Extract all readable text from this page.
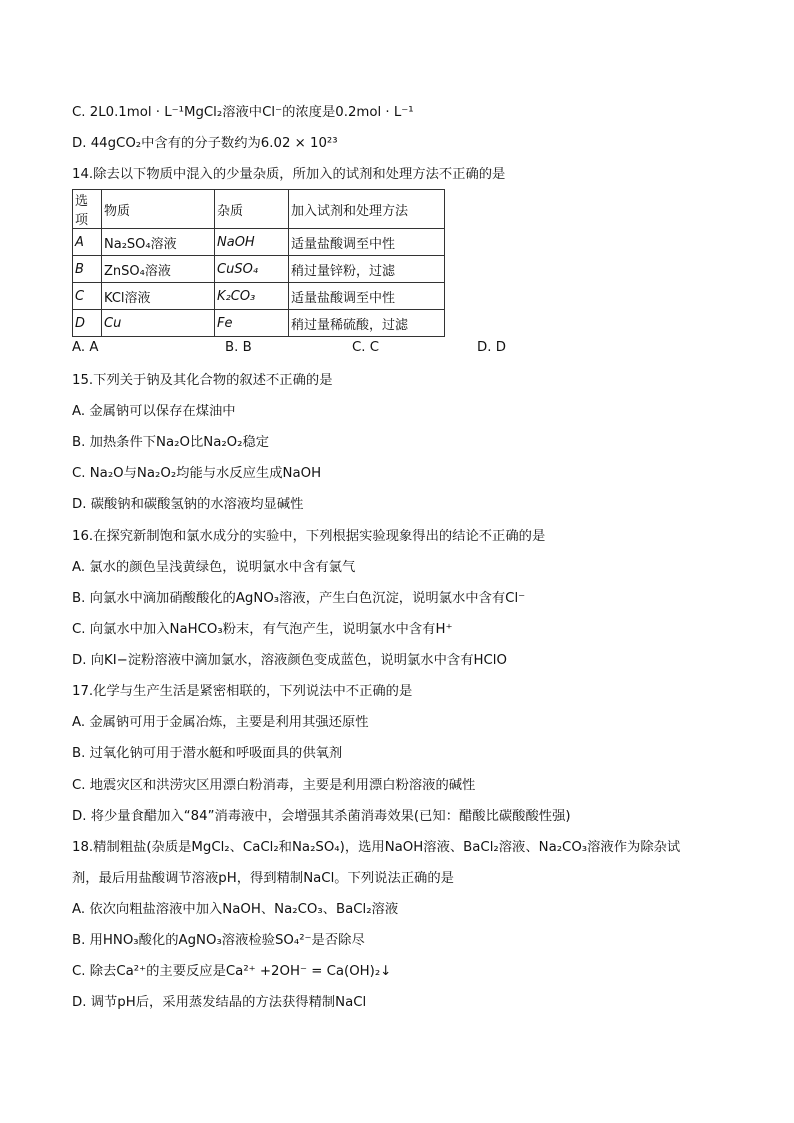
C. 2L0.1mol · L⁻¹MgCl₂溶液中Cl⁻的浓度是0.2mol · L⁻¹
D. 44gCO₂中含有的分子数约为6.02 × 10²³
14.除去以下物质中混入的少量杂质，所加入的试剂和处理方法不正确的是
选项	物质	杂质	加入试剂和处理方法
A	Na₂SO₄溶液	NaOH	适量盐酸调至中性
B	ZnSO₄溶液	CuSO₄	稍过量锌粉，过滤
C	KCl溶液	K₂CO₃	适量盐酸调至中性
D	Cu	Fe	稍过量稀硫酸，过滤
A. A	B. B	C. C	D. D
15.下列关于钠及其化合物的叙述不正确的是
A. 金属钠可以保存在煤油中
B. 加热条件下Na₂O比Na₂O₂稳定
C. Na₂O与Na₂O₂均能与水反应生成NaOH
D. 碳酸钠和碳酸氢钠的水溶液均显碱性
16.在探究新制饱和氯水成分的实验中，下列根据实验现象得出的结论不正确的是
A. 氯水的颜色呈浅黄绿色，说明氯水中含有氯气
B. 向氯水中滴加硝酸酸化的AgNO₃溶液，产生白色沉淀，说明氯水中含有Cl⁻
C. 向氯水中加入NaHCO₃粉末，有气泡产生，说明氯水中含有H⁺
D. 向KI−淀粉溶液中滴加氯水，溶液颜色变成蓝色，说明氯水中含有HClO
17.化学与生产生活是紧密相联的，下列说法中不正确的是
A. 金属钠可用于金属冶炼，主要是利用其强还原性
B. 过氧化钠可用于潜水艇和呼吸面具的供氧剂
C. 地震灾区和洪涝灾区用漂白粉消毒，主要是利用漂白粉溶液的碱性
D. 将少量食醋加入“84”消毒液中，会增强其杀菌消毒效果(已知：醋酸比碳酸酸性强)
18.精制粗盐(杂质是MgCl₂、CaCl₂和Na₂SO₄)，选用NaOH溶液、BaCl₂溶液、Na₂CO₃溶液作为除杂试
剂，最后用盐酸调节溶液pH，得到精制NaCl。下列说法正确的是
A. 依次向粗盐溶液中加入NaOH、Na₂CO₃、BaCl₂溶液
B. 用HNO₃酸化的AgNO₃溶液检验SO₄²⁻是否除尽
C. 除去Ca²⁺的主要反应是Ca²⁺ +2OH⁻ = Ca(OH)₂↓
D. 调节pH后，采用蒸发结晶的方法获得精制NaCl
